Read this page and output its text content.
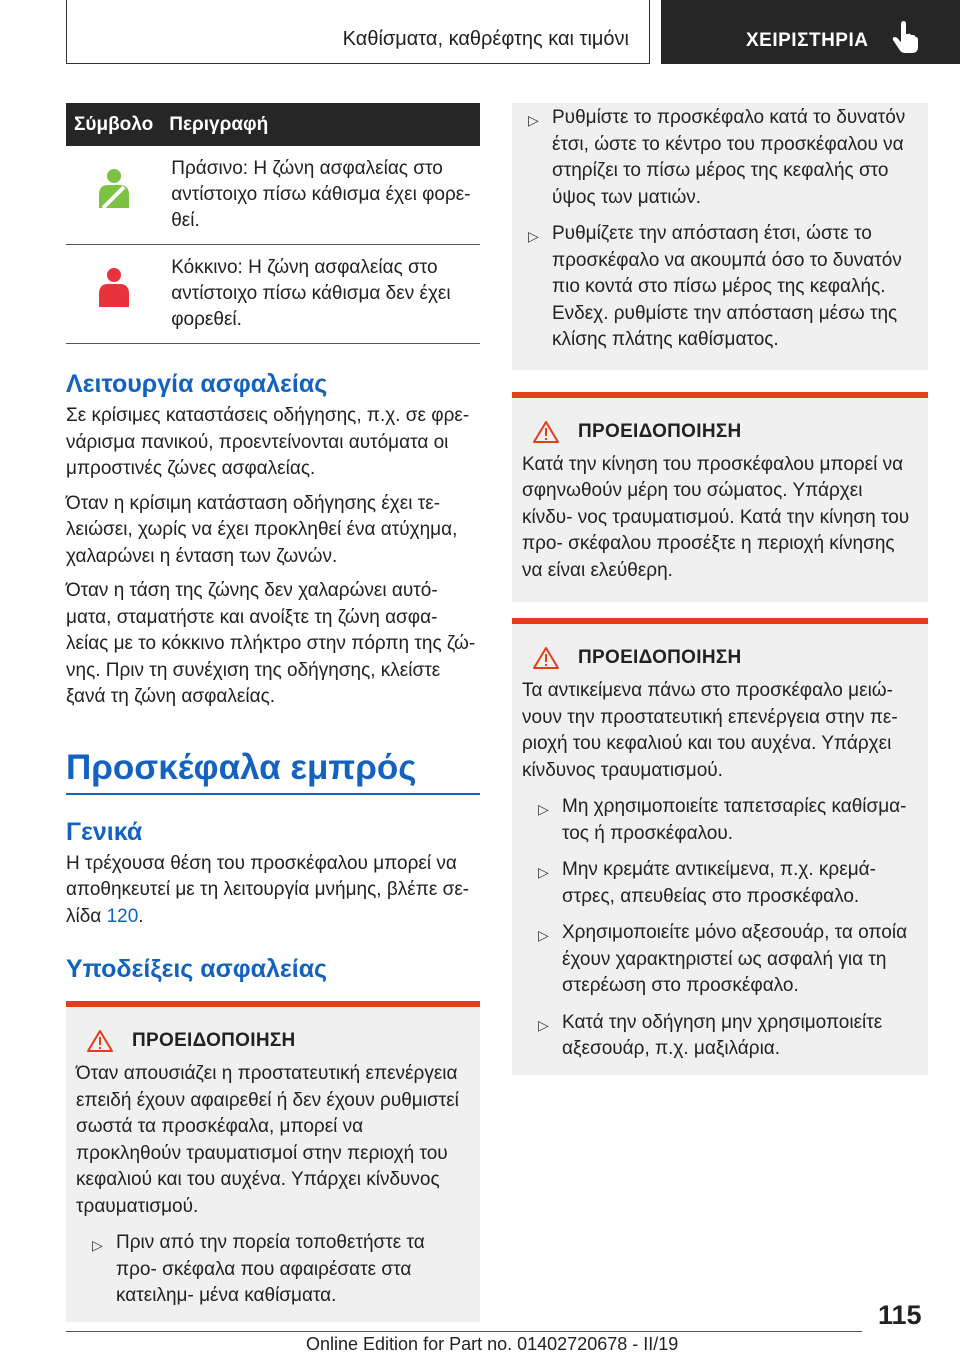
Καθίσματα, καθρέφτης και τιμόνι	ΧΕΙΡΙΣΤΗΡΙΑ
Σύμβολο	Περιγραφή
	Πράσινο: Η ζώνη ασφαλείας στο αντίστοιχο πίσω κάθισμα έχει φορε- θεί.
	Κόκκινο: Η ζώνη ασφαλείας στο αντίστοιχο πίσω κάθισμα δεν έχει φορεθεί.
Λειτουργία ασφαλείας

Σε κρίσιμες καταστάσεις οδήγησης, π.χ. σε φρε- νάρισμα πανικού, προεντείνονται αυτόματα οι μπροστινές ζώνες ασφαλείας.

Όταν η κρίσιμη κατάσταση οδήγησης έχει τε- λειώσει, χωρίς να έχει προκληθεί ένα ατύχημα, χαλαρώνει η ένταση των ζωνών.

Όταν η τάση της ζώνης δεν χαλαρώνει αυτό- ματα, σταματήστε και ανοίξτε τη ζώνη ασφα- λείας με το κόκκινο πλήκτρο στην πόρπη της ζώ- νης. Πριν τη συνέχιση της οδήγησης, κλείστε ξανά τη ζώνη ασφαλείας.

Προσκέφαλα εμπρός
Γενικά

Η τρέχουσα θέση του προσκέφαλου μπορεί να αποθηκευτεί με τη λειτουργία μνήμης, βλέπε σε- λίδα 120.

Υποδείξεις ασφαλείας
ΠΡΟΕΙΔΟΠΟΙΗΣΗ

Όταν απουσιάζει η προστατευτική επενέργεια επειδή έχουν αφαιρεθεί ή δεν έχουν ρυθμιστεί σωστά τα προσκέφαλα, μπορεί να προκληθούν τραυματισμοί στην περιοχή του κεφαλιού και του αυχένα. Υπάρχει κίνδυνος τραυματισμού.

▷ Πριν από την πορεία τοποθετήστε τα προ- σκέφαλα που αφαιρέσατε στα κατειλημ- μένα καθίσματα.
▷ Ρυθμίστε το προσκέφαλο κατά το δυνατόν έτσι, ώστε το κέντρο του προσκέφαλου να στηρίζει το πίσω μέρος της κεφαλής στο ύψος των ματιών.
▷ Ρυθμίζετε την απόσταση έτσι, ώστε το προσκέφαλο να ακουμπά όσο το δυνατόν πιο κοντά στο πίσω μέρος της κεφαλής. Ενδεχ. ρυθμίστε την απόσταση μέσω της κλίσης πλάτης καθίσματος.
ΠΡΟΕΙΔΟΠΟΙΗΣΗ

Κατά την κίνηση του προσκέφαλου μπορεί να σφηνωθούν μέρη του σώματος. Υπάρχει κίνδυ- νος τραυματισμού. Κατά την κίνηση του προ- σκέφαλου προσέξτε η περιοχή κίνησης να είναι ελεύθερη.

ΠΡΟΕΙΔΟΠΟΙΗΣΗ

Τα αντικείμενα πάνω στο προσκέφαλο μειώ- νουν την προστατευτική επενέργεια στην πε- ριοχή του κεφαλιού και του αυχένα. Υπάρχει κίνδυνος τραυματισμού.

▷ Μη χρησιμοποιείτε ταπετσαρίες καθίσμα- τος ή προσκέφαλου.
▷ Μην κρεμάτε αντικείμενα, π.χ. κρεμά- στρες, απευθείας στο προσκέφαλο.
▷ Χρησιμοποιείτε μόνο αξεσουάρ, τα οποία έχουν χαρακτηριστεί ως ασφαλή για τη στερέωση στο προσκέφαλο.
▷ Κατά την οδήγηση μην χρησιμοποιείτε αξεσουάρ, π.χ. μαξιλάρια.
115
Online Edition for Part no. 01402720678 - II/19
